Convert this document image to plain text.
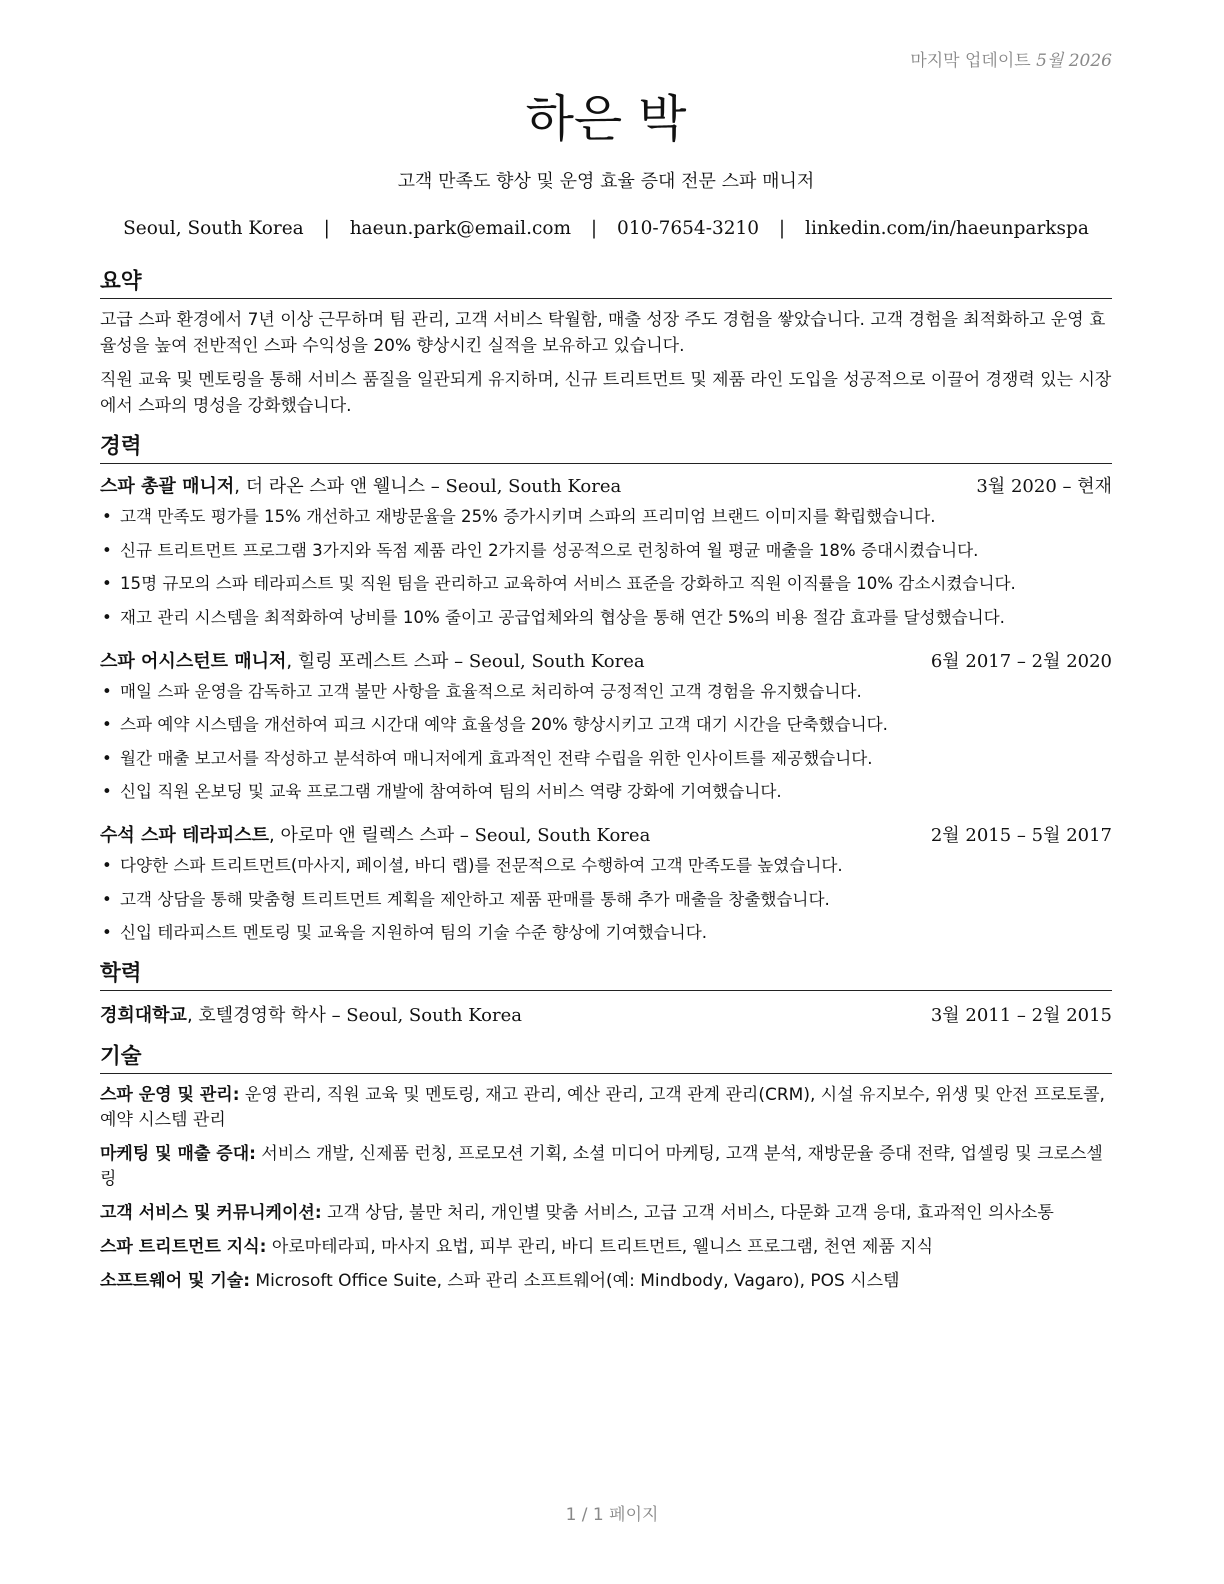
마지막 업데이트 5월 2026
하은 박
고객 만족도 향상 및 운영 효율 증대 전문 스파 매니저
Seoul, South Korea | haeun.park@email.com | 010-7654-3210 | linkedin.com/in/haeunparkspa
요약

고급 스파 환경에서 7년 이상 근무하며 팀 관리, 고객 서비스 탁월함, 매출 성장 주도 경험을 쌓았습니다. 고객 경험을 최적화하고 운영 효율성을 높여 전반적인 스파 수익성을 20% 향상시킨 실적을 보유하고 있습니다.

직원 교육 및 멘토링을 통해 서비스 품질을 일관되게 유지하며, 신규 트리트먼트 및 제품 라인 도입을 성공적으로 이끌어 경쟁력 있는 시장에서 스파의 명성을 강화했습니다.

경력
스파 총괄 매니저, 더 라온 스파 앤 웰니스 – Seoul, South Korea	3월 2020 – 현재
• 고객 만족도 평가를 15% 개선하고 재방문율을 25% 증가시키며 스파의 프리미엄 브랜드 이미지를 확립했습니다.
• 신규 트리트먼트 프로그램 3가지와 독점 제품 라인 2가지를 성공적으로 런칭하여 월 평균 매출을 18% 증대시켰습니다.
• 15명 규모의 스파 테라피스트 및 직원 팀을 관리하고 교육하여 서비스 표준을 강화하고 직원 이직률을 10% 감소시켰습니다.
• 재고 관리 시스템을 최적화하여 낭비를 10% 줄이고 공급업체와의 협상을 통해 연간 5%의 비용 절감 효과를 달성했습니다.
스파 어시스턴트 매니저, 힐링 포레스트 스파 – Seoul, South Korea	6월 2017 – 2월 2020
• 매일 스파 운영을 감독하고 고객 불만 사항을 효율적으로 처리하여 긍정적인 고객 경험을 유지했습니다.
• 스파 예약 시스템을 개선하여 피크 시간대 예약 효율성을 20% 향상시키고 고객 대기 시간을 단축했습니다.
• 월간 매출 보고서를 작성하고 분석하여 매니저에게 효과적인 전략 수립을 위한 인사이트를 제공했습니다.
• 신입 직원 온보딩 및 교육 프로그램 개발에 참여하여 팀의 서비스 역량 강화에 기여했습니다.
수석 스파 테라피스트, 아로마 앤 릴렉스 스파 – Seoul, South Korea	2월 2015 – 5월 2017
• 다양한 스파 트리트먼트(마사지, 페이셜, 바디 랩)를 전문적으로 수행하여 고객 만족도를 높였습니다.
• 고객 상담을 통해 맞춤형 트리트먼트 계획을 제안하고 제품 판매를 통해 추가 매출을 창출했습니다.
• 신입 테라피스트 멘토링 및 교육을 지원하여 팀의 기술 수준 향상에 기여했습니다.
학력
경희대학교, 호텔경영학 학사 – Seoul, South Korea	3월 2011 – 2월 2015
기술
스파 운영 및 관리: 운영 관리, 직원 교육 및 멘토링, 재고 관리, 예산 관리, 고객 관계 관리(CRM), 시설 유지보수, 위생 및 안전 프로토콜, 예약 시스템 관리
마케팅 및 매출 증대: 서비스 개발, 신제품 런칭, 프로모션 기획, 소셜 미디어 마케팅, 고객 분석, 재방문율 증대 전략, 업셀링 및 크로스셀링
고객 서비스 및 커뮤니케이션: 고객 상담, 불만 처리, 개인별 맞춤 서비스, 고급 고객 서비스, 다문화 고객 응대, 효과적인 의사소통
스파 트리트먼트 지식: 아로마테라피, 마사지 요법, 피부 관리, 바디 트리트먼트, 웰니스 프로그램, 천연 제품 지식
소프트웨어 및 기술: Microsoft Office Suite, 스파 관리 소프트웨어(예: Mindbody, Vagaro), POS 시스템
1 / 1 페이지
